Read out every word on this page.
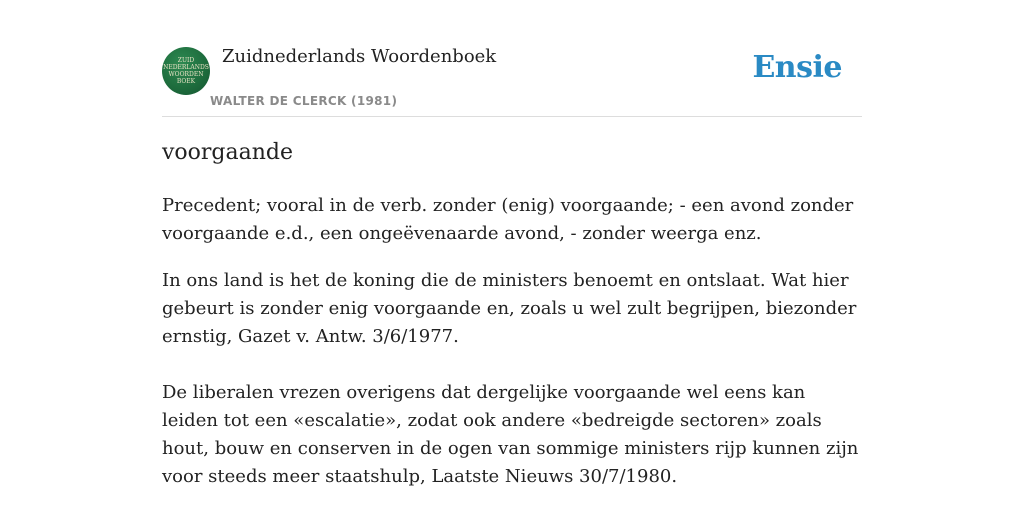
ZUID
NEDERLANDS
WOORDEN
BOEK
Zuidnederlands Woordenboek
WALTER DE CLERCK (1981)
Ensie
voorgaande

Precedent; vooral in de verb. zonder (enig) voorgaande; - een avond zonder voorgaande e.d., een ongeëvenaarde avond, - zonder weerga enz.

In ons land is het de koning die de ministers benoemt en ontslaat. Wat hier gebeurt is zonder enig voorgaande en, zoals u wel zult begrijpen, biezonder ernstig, Gazet v. Antw. 3/6/1977.

De liberalen vrezen overigens dat dergelijke voorgaande wel eens kan leiden tot een «escalatie», zodat ook andere «bedreigde sectoren» zoals hout, bouw en conserven in de ogen van sommige ministers rijp kunnen zijn voor steeds meer staatshulp, Laatste Nieuws 30/7/1980.
